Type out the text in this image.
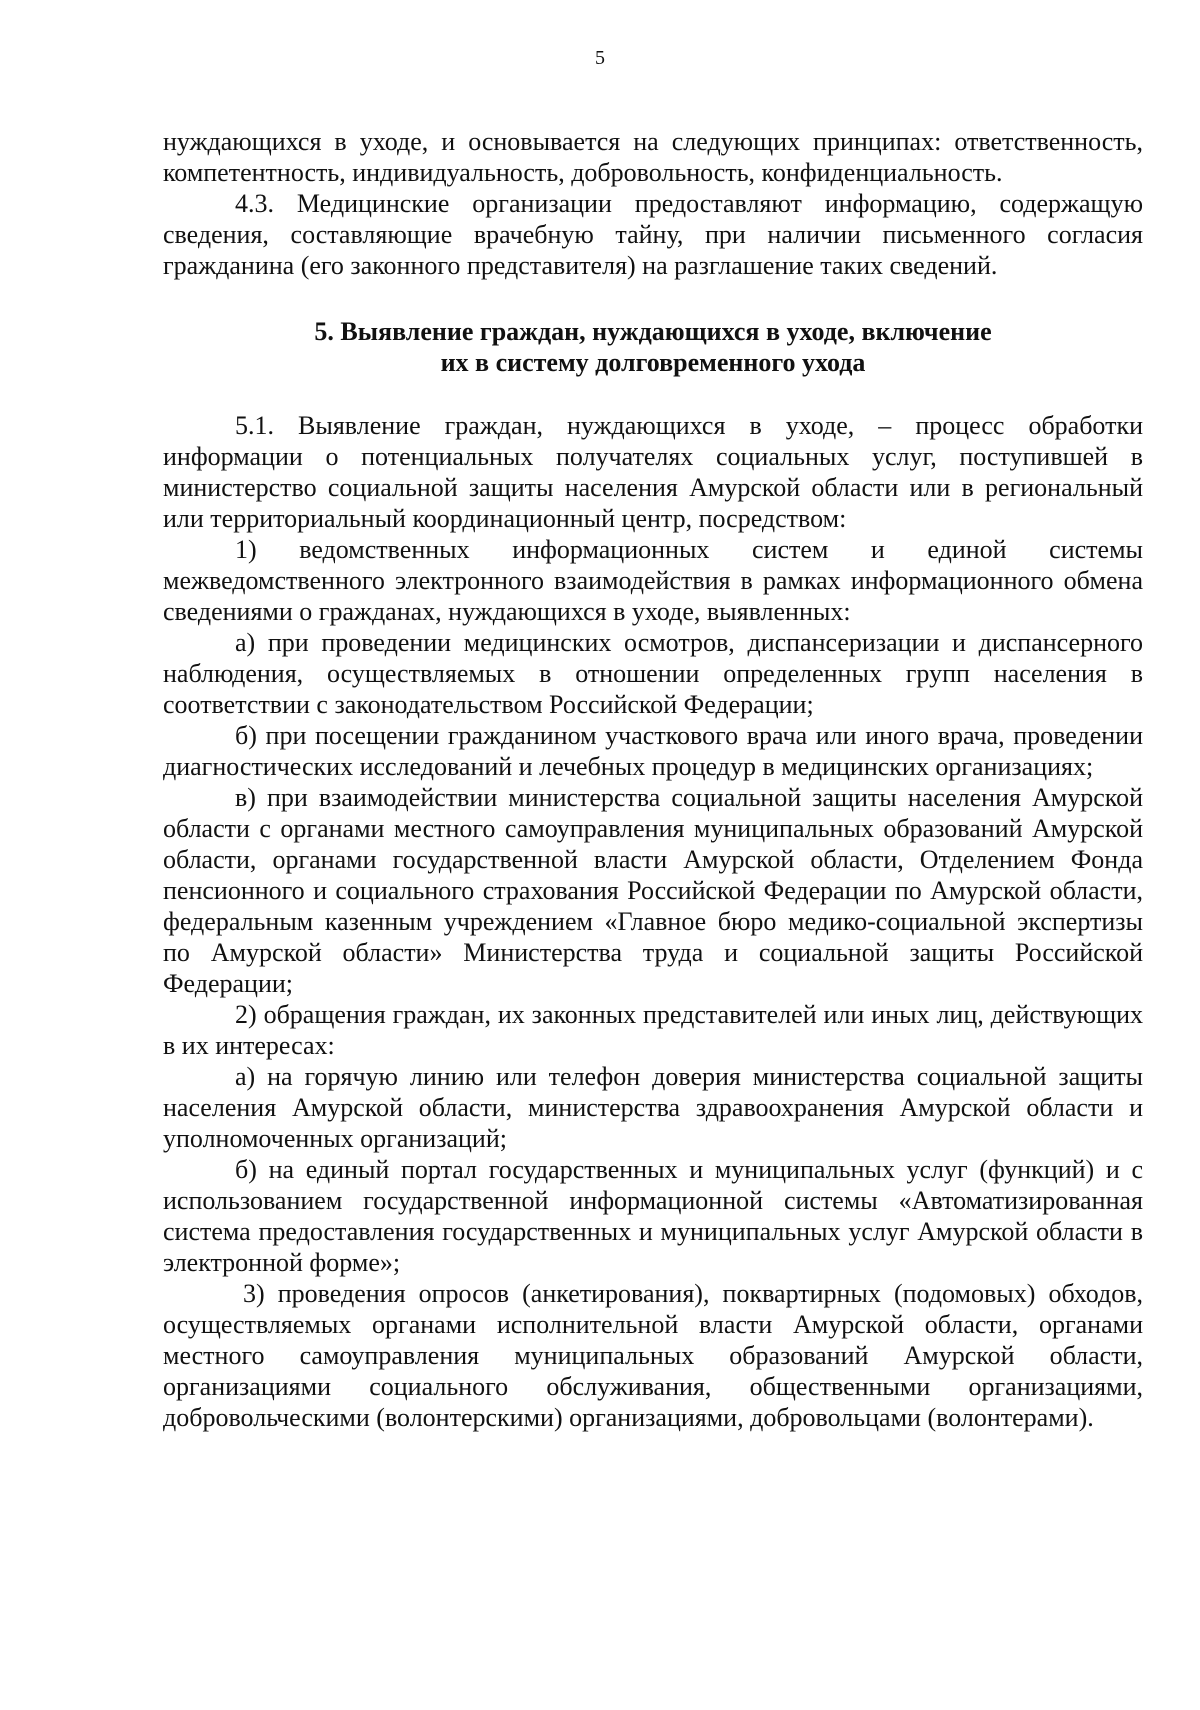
5

нуждающихся в уходе, и основывается на следующих принципах: ответственность, компетентность, индивидуальность, добровольность, конфиденциальность.

4.3. Медицинские организации предоставляют информацию, содержащую сведения, составляющие врачебную тайну, при наличии письменного согласия гражданина (его законного представителя) на разглашение таких сведений.

5. Выявление граждан, нуждающихся в уходе, включение
их в систему долговременного ухода

5.1. Выявление граждан, нуждающихся в уходе, – процесс обработки информации о потенциальных получателях социальных услуг, поступившей в министерство социальной защиты населения Амурской области или в региональный или территориальный координационный центр, посредством:

1) ведомственных информационных систем и единой системы межведомственного электронного взаимодействия в рамках информационного обмена сведениями о гражданах, нуждающихся в уходе, выявленных:

а) при проведении медицинских осмотров, диспансеризации и диспансерного наблюдения, осуществляемых в отношении определенных групп населения в соответствии с законодательством Российской Федерации;

б) при посещении гражданином участкового врача или иного врача, проведении диагностических исследований и лечебных процедур в медицинских организациях;

в) при взаимодействии министерства социальной защиты населения Амурской области с органами местного самоуправления муниципальных образований Амурской области, органами государственной власти Амурской области, Отделением Фонда пенсионного и социального страхования Российской Федерации по Амурской области, федеральным казенным учреждением «Главное бюро медико-социальной экспертизы по Амурской области» Министерства труда и социальной защиты Российской Федерации;

2) обращения граждан, их законных представителей или иных лиц, действующих в их интересах:

а) на горячую линию или телефон доверия министерства социальной защиты населения Амурской области, министерства здравоохранения Амурской области и уполномоченных организаций;

б) на единый портал государственных и муниципальных услуг (функций) и с использованием государственной информационной системы «Автоматизированная система предоставления государственных и муниципальных услуг Амурской области в электронной форме»;

3) проведения опросов (анкетирования), поквартирных (подомовых) обходов, осуществляемых органами исполнительной власти Амурской области, органами местного самоуправления муниципальных образований Амурской области, организациями социального обслуживания, общественными организациями, добровольческими (волонтерскими) организациями, добровольцами (волонтерами).
